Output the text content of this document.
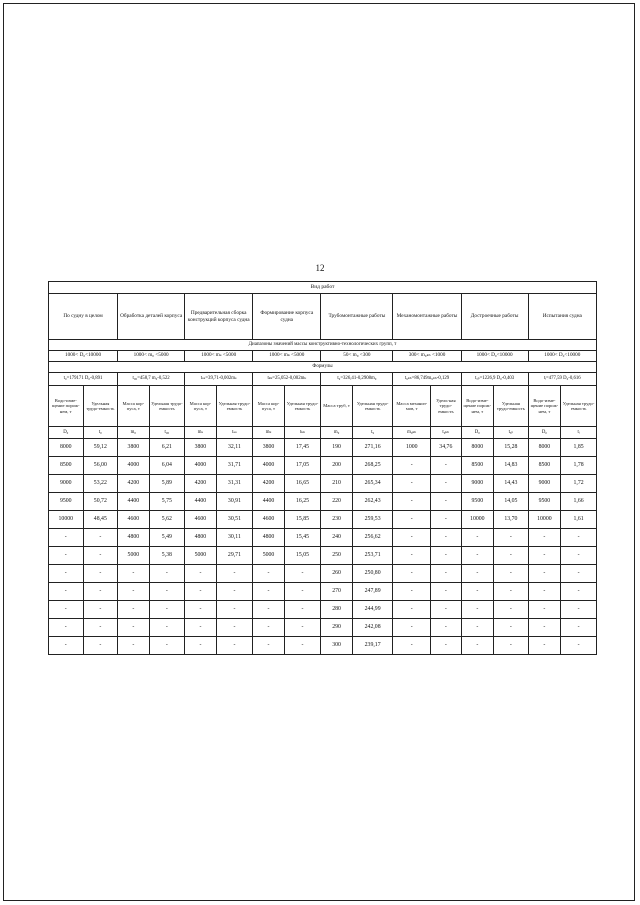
12
Вид работ															
По судну в целом		Обработка деталей корпуса		Предварительная сборка конструкций корпуса судна		Формирование корпуса судна		Трубомонтажные работы		Механомонтажные работы		Достроечные работы		Испытания судна	
Диапазоны значений массы конструктивно-технологических групп, т															
1000< D₀<10000		1000< m₀ <5000		1000< mₛ <5000		1000< mₖ <5000		50< m₉ <300		300< m₉ₖₕ <1000		1000< D₀<10000		1000< D₀<10000	
Формулы															
t₀=179171 D₀-0,891		t₀₀=458,7 m₀-0,522		tₛₛ=39,71-0,002mₛ		tₖₖ=25,052-0,002mₖ		t₉=326,41-0,2908m₉		t₉ₖₕ=86,749m₉ₖₕ-0,129		tₐₚ=1226,9 D₀-0,403		tᵢ=477,59 D₀-0,616	
Водо-изме-щение порож-нем, т	Удельная трудо-емкость	Масса кор-пуса, т	Удельная трудо-емкость	Масса кор-пуса, т	Удельная трудо-емкость	Масса кор-пуса, т	Удельная трудо-емкость	Масса труб, т	Удельная трудо-емкость	Масса механиз-мов, т	Удель-ная трудо-емкость	Водо-изме-щение порож-нем, т	Удельная трудо-емкость	Водо-изме-щение порож-нем, т	Удельная трудо-емкость
D₀	t₀	m₀	t₀₀	mₛ	tₛₛ	mₖ	tₖₖ	m₉	t₉	m₉ₖₕ	t₉ₖₕ	D₀	tₐₚ	D₀	tᵢ
8000	59,12	3800	6,21	3800	32,11	3800	17,45	190	271,16	1000	34,76	8000	15,28	8000	1,85
8500	56,00	4000	6,04	4000	31,71	4000	17,05	200	268,25	-	-	8500	14,83	8500	1,78
9000	53,22	4200	5,89	4200	31,31	4200	16,65	210	265,34	-	-	9000	14,43	9000	1,72
9500	50,72	4400	5,75	4400	30,91	4400	16,25	220	262,43	-	-	9500	14,05	9500	1,66
10000	48,45	4600	5,62	4600	30,51	4600	15,85	230	259,53	-	-	10000	13,70	10000	1,61
-	-	4800	5,49	4800	30,11	4800	15,45	240	256,62	-	-	-	-	-	-
-	-	5000	5,38	5000	29,71	5000	15,05	250	253,71	-	-	-	-	-	-
-	-	-	-	-	-	-	-	260	250,80	-	-	-	-	-	-
-	-	-	-	-	-	-	-	270	247,89	-	-	-	-	-	-
-	-	-	-	-	-	-	-	280	244,99	-	-	-	-	-	-
-	-	-	-	-	-	-	-	290	242,08	-	-	-	-	-	-
-	-	-	-	-	-	-	-	300	239,17	-	-	-	-	-	-
